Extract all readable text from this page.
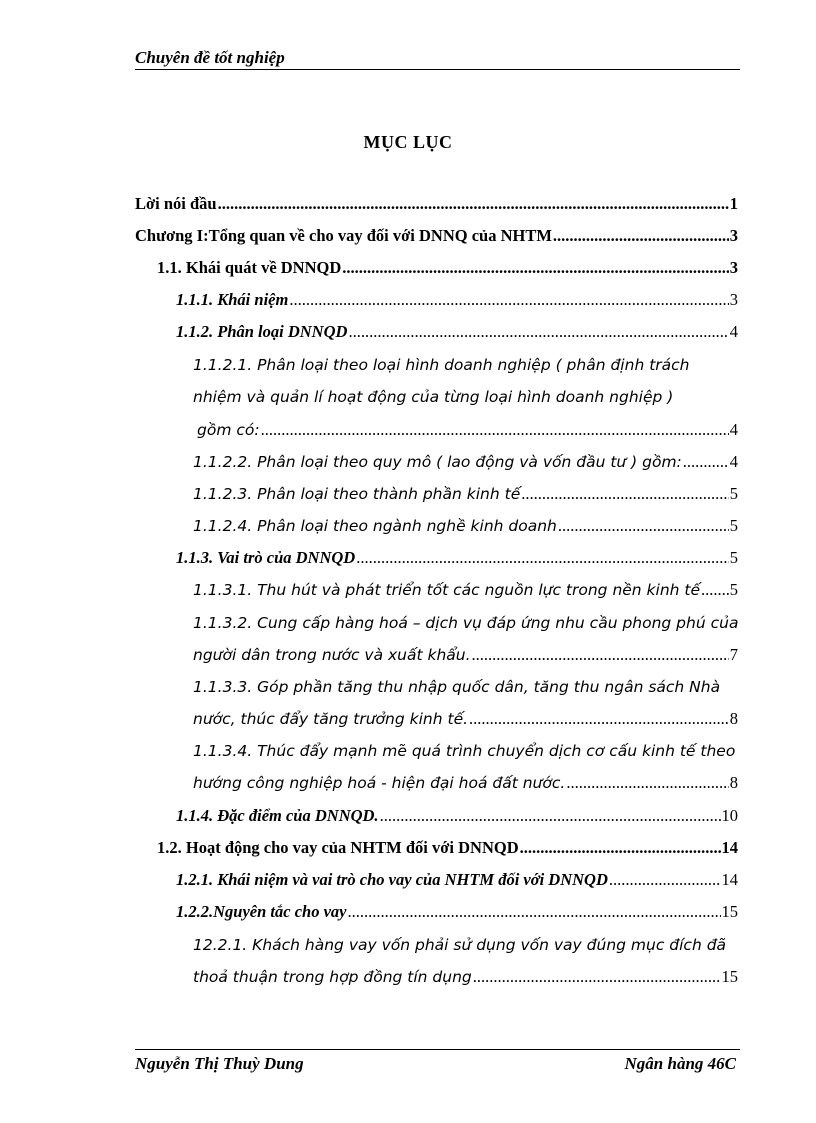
Chuyên đề tốt nghiệp
MỤC LỤC
Lời nói đầu .....	1
Chương I:Tổng quan về cho vay đối với DNNQ của NHTM .....	3
1.1. Khái quát về DNNQD .....	3
1.1.1. Khái niệm .....	3
1.1.2. Phân loại DNNQD .....	4
1.1.2.1. Phân loại theo loại hình doanh nghiệp ( phân định trách
nhiệm và quản lí hoạt động của từng loại hình doanh nghiệp )
gồm có: .....	4
1.1.2.2. Phân loại theo quy mô ( lao động và vốn đầu tư ) gồm: .....	4
1.1.2.3. Phân loại theo thành phần kinh tế .....	5
1.1.2.4. Phân loại theo ngành nghề kinh doanh .....	5
1.1.3. Vai trò của DNNQD .....	5
1.1.3.1. Thu hút và phát triển tốt các nguồn lực trong nền kinh tế ..... 5
1.1.3.2. Cung cấp hàng hoá – dịch vụ đáp ứng nhu cầu phong phú của
người dân trong nước và xuất khẩu. .....	7
1.1.3.3. Góp phần tăng thu nhập quốc dân, tăng thu ngân sách Nhà
nước, thúc đẩy tăng trưởng kinh tế. .....	8
1.1.3.4. Thúc đẩy mạnh mẽ quá trình chuyển dịch cơ cấu kinh tế theo
hướng công nghiệp hoá - hiện đại hoá đất nước. .....	8
1.1.4. Đặc điểm của DNNQD. .....	10
1.2. Hoạt động cho vay của NHTM đối với DNNQD .....	14
1.2.1. Khái niệm và vai trò cho vay của NHTM đối với DNNQD .....	14
1.2.2.Nguyên tắc cho vay .....	15
12.2.1. Khách hàng vay vốn phải sử dụng vốn vay đúng mục đích đã
thoả thuận trong hợp đồng tín dụng .....	15
Nguyễn Thị Thuỳ Dung	Ngân hàng 46C
